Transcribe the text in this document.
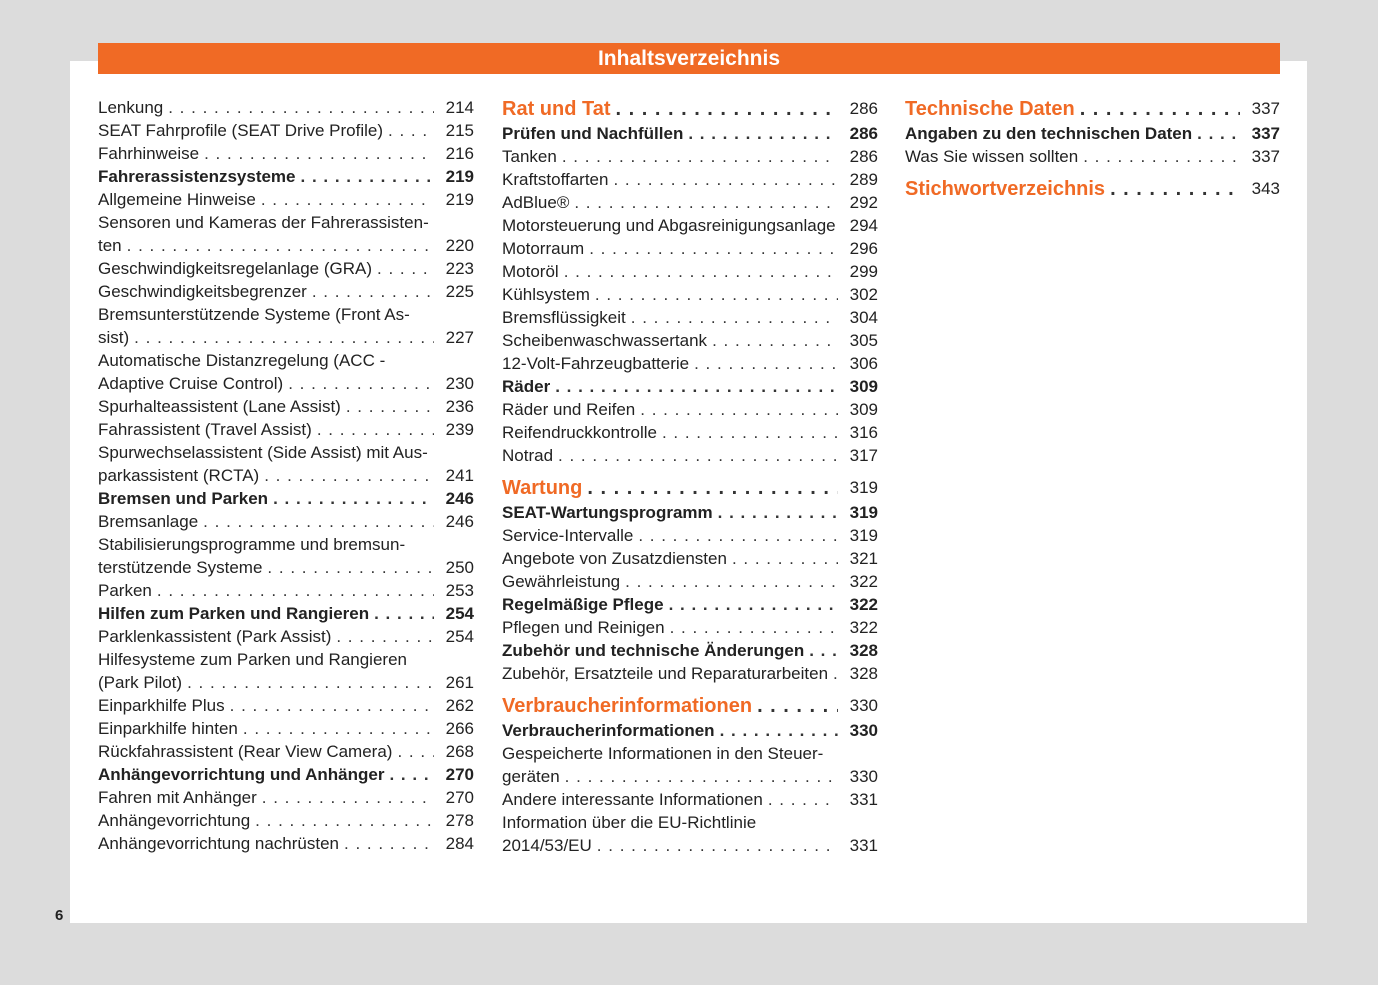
Inhaltsverzeichnis
Lenkung . . .	214
SEAT Fahrprofile (SEAT Drive Profile) . . .	215
Fahrhinweise . . .	216
Fahrerassistenzsysteme . . .	219
Allgemeine Hinweise . . .	219
Sensoren und Kameras der Fahrerassistenten . . .	220
Geschwindigkeitsregelanlage (GRA) . . .	223
Geschwindigkeitsbegrenzer . . .	225
Bremsunterstützende Systeme (Front Assist) . . .	227
Automatische Distanzregelung (ACC - Adaptive Cruise Control) . . .	230
Spurhalteassistent (Lane Assist) . . .	236
Fahrassistent (Travel Assist) . . .	239
Spurwechselassistent (Side Assist) mit Ausparkassistent (RCTA) . . .	241
Bremsen und Parken . . .	246
Bremsanlage . . .	246
Stabilisierungsprogramme und bremsunterstützende Systeme . . .	250
Parken . . .	253
Hilfen zum Parken und Rangieren . . .	254
Parklenkassistent (Park Assist) . . .	254
Hilfesysteme zum Parken und Rangieren (Park Pilot) . . .	261
Einparkhilfe Plus . . .	262
Einparkhilfe hinten . . .	266
Rückfahrassistent (Rear View Camera) . . .	268
Anhängevorrichtung und Anhänger . . .	270
Fahren mit Anhänger . . .	270
Anhängevorrichtung . . .	278
Anhängevorrichtung nachrüsten . . .	284
Rat und Tat . . .	286
Prüfen und Nachfüllen . . .	286
Tanken . . .	286
Kraftstoffarten . . .	289
AdBlue® . . .	292
Motorsteuerung und Abgasreinigungsanlage . . . 294
Motorraum . . .	296
Motoröl . . .	299
Kühlsystem . . .	302
Bremsflüssigkeit . . .	304
Scheibenwaschwassertank . . .	305
12-Volt-Fahrzeugbatterie . . .	306
Räder . . .	309
Räder und Reifen . . .	309
Reifendruckkontrolle . . .	316
Notrad . . .	317
Wartung . . .	319
SEAT-Wartungsprogramm . . .	319
Service-Intervalle . . .	319
Angebote von Zusatzdiensten . . .	321
Gewährleistung . . .	322
Regelmäßige Pflege . . .	322
Pflegen und Reinigen . . .	322
Zubehör und technische Änderungen . . .	328
Zubehör, Ersatzteile und Reparaturarbeiten . . .	328
Verbraucherinformationen . . .	330
Verbraucherinformationen . . .	330
Gespeicherte Informationen in den Steuergeräten . . .	330
Andere interessante Informationen . . .	331
Information über die EU-Richtlinie 2014/53/EU . . .	331
Technische Daten . . .	337
Angaben zu den technischen Daten . . .	337
Was Sie wissen sollten . . .	337
Stichwortverzeichnis . . .	343
6
